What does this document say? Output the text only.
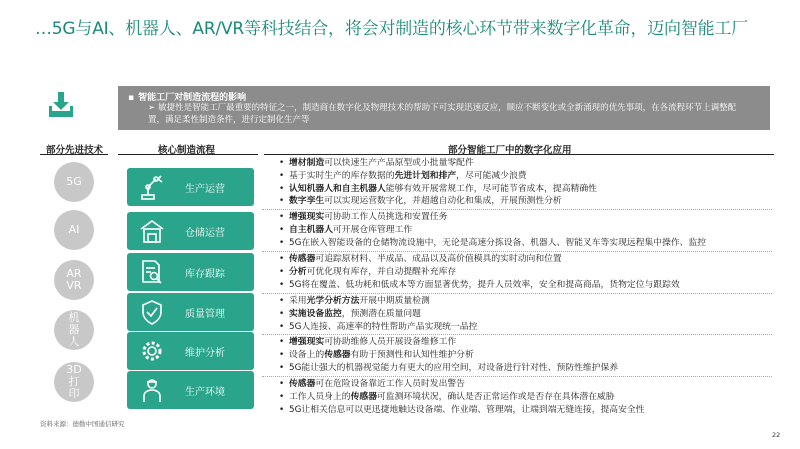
…5G与AI、机器人、AR/VR等科技结合，将会对制造的核心环节带来数字化革命，迈向智能工厂
▪ 智能工厂对制造流程的影响
➢ 敏捷性是智能工厂最重要的特征之一，制造商在数字化及物理技术的帮助下可实现迅速反应，顺应不断变化或全新涌现的优先事项，在各流程环节上调整配置，满足柔性制造条件，进行定制化生产等
部分先进技术	核心制造流程	部分智能工厂中的数字化应用
5G
AI
AR VR
机 器 人
3D 打 印
生产运营
仓储运营
库存跟踪
质量管理
维护分析
生产环境
• 增材制造可以快速生产产品原型或小批量零配件
• 基于实时生产的库存数据的先进计划和排产，尽可能减少浪费
• 认知机器人和自主机器人能够有效开展常规工作，尽可能节省成本，提高精确性
• 数字孪生可以实现运营数字化，并超越自动化和集成，开展预测性分析
• 增强现实可协助工作人员挑选和安置任务
• 自主机器人可开展仓库管理工作
• 5G在嵌入智能设备的仓储物流设施中，无论是高速分拣设备、机器人、智能叉车等实现远程集中操作、监控
• 传感器可追踪原材料、半成品、成品以及高价值模具的实时动向和位置
• 分析可优化现有库存，并自动提醒补充库存
• 5G将在覆盖、低功耗和低成本等方面显著优势，提升人员效率，安全和提高商品，货物定位与跟踪效
• 采用光学分析方法开展中期质量检测
• 实施设备监控，预测潜在质量问题
• 5G人连接、高速率的特性帮助产品实现统一品控
• 增强现实可协助维修人员开展设备维修工作
• 设备上的传感器有助于预测性和认知性维护分析
• 5G能让强大的机器视觉能力有更大的应用空间，对设备进行针对性、预防性维护保养
• 传感器可在危险设备靠近工作人员时发出警告
• 工作人员身上的传感器可监测环境状况，确认是否正常运作或是否存在具体潜在威胁
• 5G让相关信息可以更迅捷地触达设备端、作业端、管理端，让端到端无缝连接，提高安全性
资料来源：德勤中国通信研究
22
